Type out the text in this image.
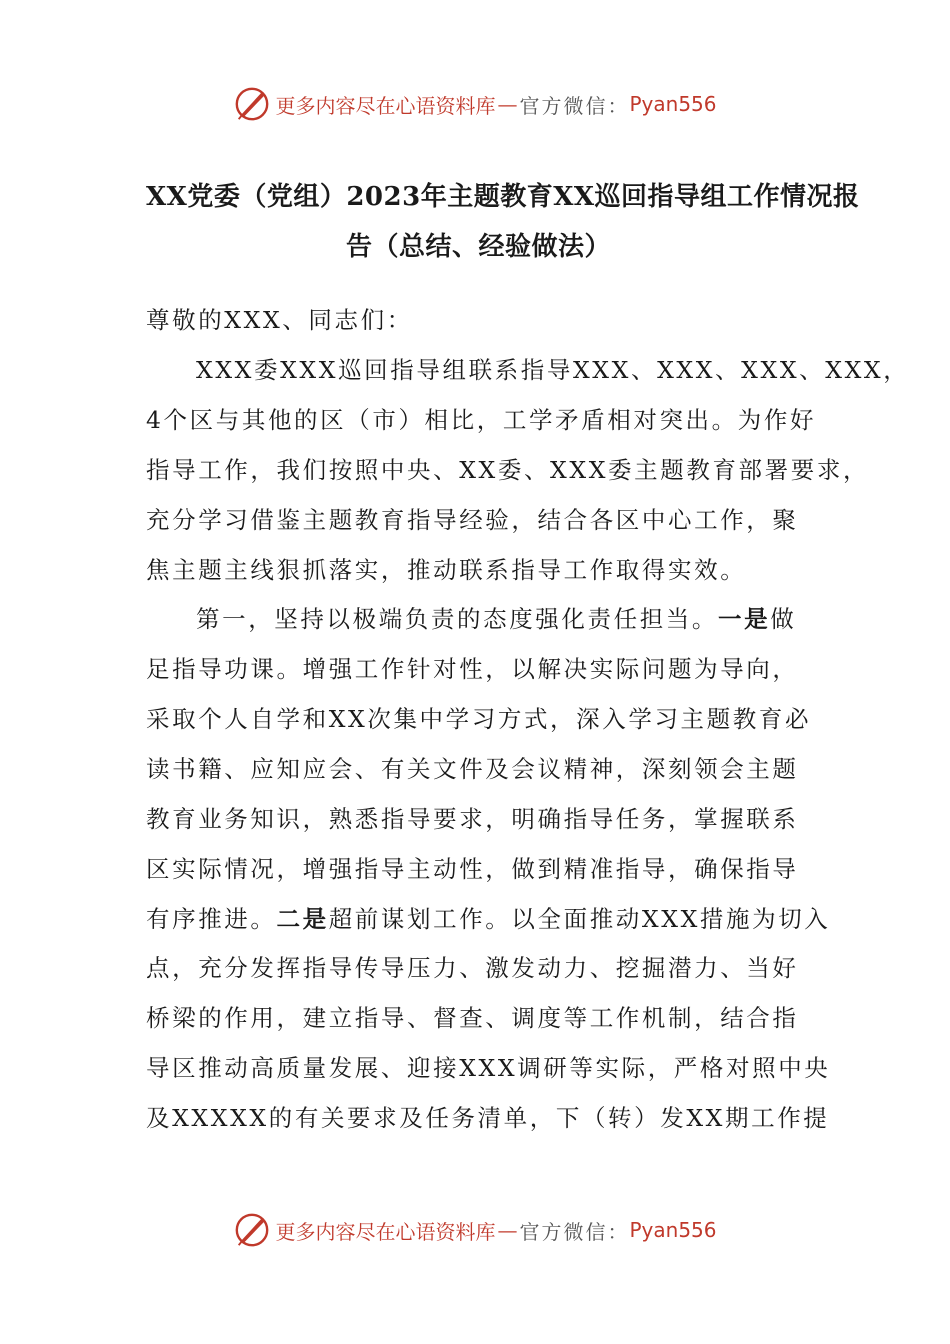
更多内容尽在心语资料库 — 官方微信： Pyan556
XX党委（党组）2023年主题教育XX巡回指导组工作情况报
告（总结、经验做法）
尊敬的XXX、同志们：
XXX委XXX巡回指导组联系指导XXX、XXX、XXX、XXX，
4个区与其他的区（市）相比，工学矛盾相对突出。为作好
指导工作，我们按照中央、XX委、XXX委主题教育部署要求，
充分学习借鉴主题教育指导经验，结合各区中心工作，聚
焦主题主线狠抓落实，推动联系指导工作取得实效。
第一，坚持以极端负责的态度强化责任担当。一是做
足指导功课。增强工作针对性，以解决实际问题为导向，
采取个人自学和XX次集中学习方式，深入学习主题教育必
读书籍、应知应会、有关文件及会议精神，深刻领会主题
教育业务知识，熟悉指导要求，明确指导任务，掌握联系
区实际情况，增强指导主动性，做到精准指导，确保指导
有序推进。二是超前谋划工作。以全面推动XXX措施为切入
点，充分发挥指导传导压力、激发动力、挖掘潜力、当好
桥梁的作用，建立指导、督查、调度等工作机制，结合指
导区推动高质量发展、迎接XXX调研等实际，严格对照中央
及XXXXX的有关要求及任务清单，下（转）发XX期工作提
更多内容尽在心语资料库 — 官方微信： Pyan556
